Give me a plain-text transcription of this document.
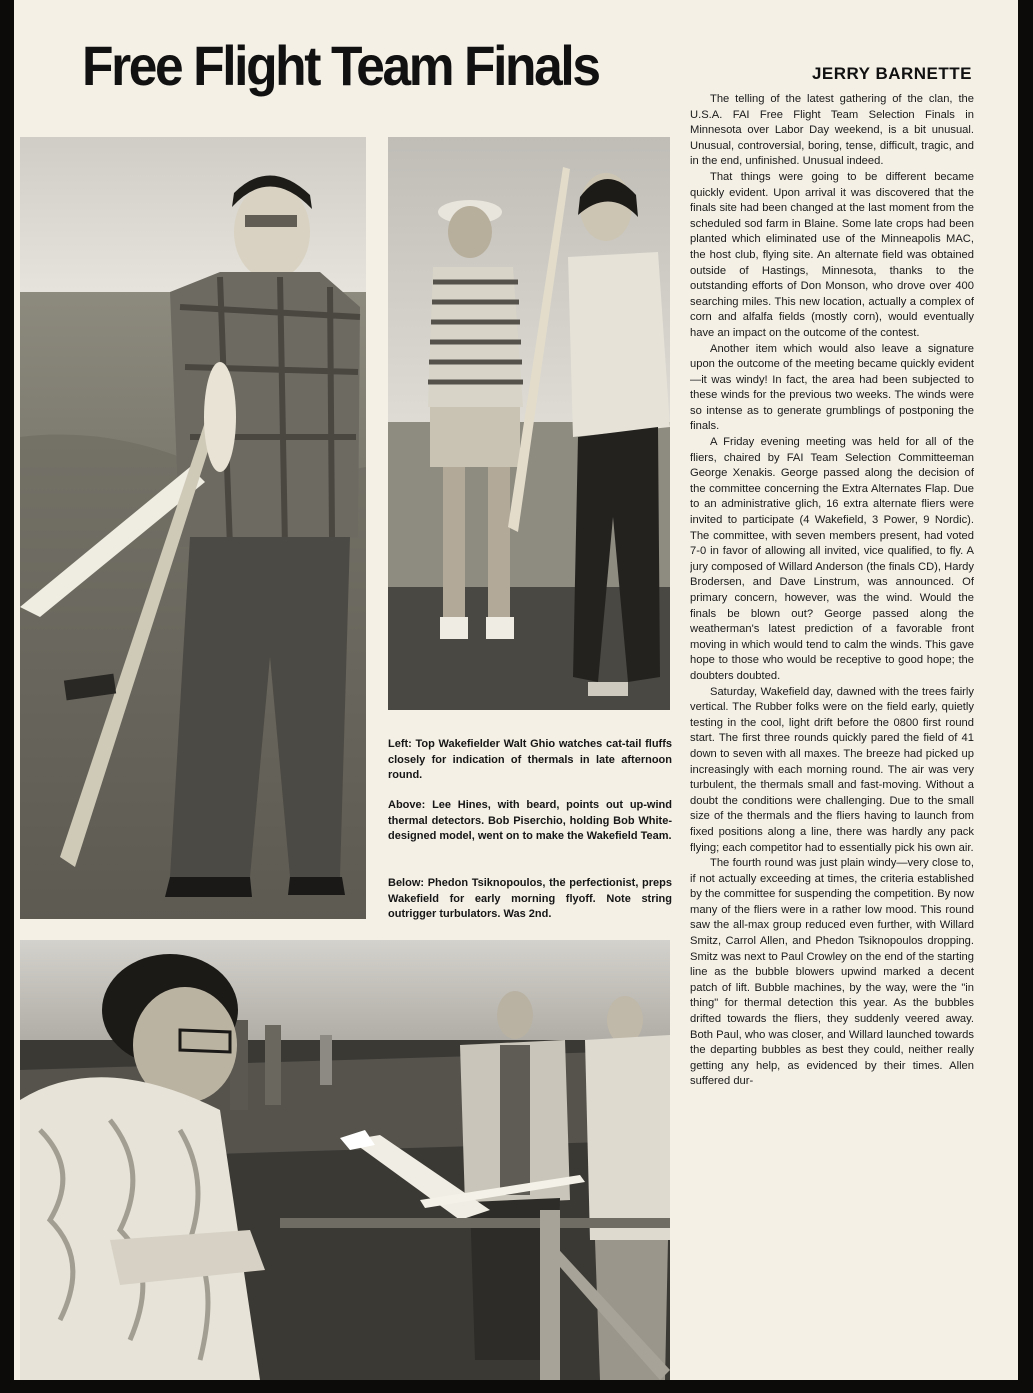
Free Flight Team Finals	JERRY BARNETTE
Left: Top Wakefielder Walt Ghio watches cat-tail fluffs closely for indication of thermals in late afternoon round.
Above: Lee Hines, with beard, points out up-wind thermal detectors. Bob Piserchio, holding Bob White-designed model, went on to make the Wakefield Team.
Below: Phedon Tsiknopoulos, the perfectionist, preps Wakefield for early morning flyoff. Note string outrigger turbulators. Was 2nd.

The telling of the latest gathering of the clan, the U.S.A. FAI Free Flight Team Selection Finals in Minnesota over Labor Day weekend, is a bit unusual. Unusual, controversial, boring, tense, difficult, tragic, and in the end, unfinished. Unusual indeed.

That things were going to be different became quickly evident. Upon arrival it was discovered that the finals site had been changed at the last moment from the scheduled sod farm in Blaine. Some late crops had been planted which eliminated use of the Minneapolis MAC, the host club, flying site. An alternate field was obtained outside of Hastings, Minnesota, thanks to the outstanding efforts of Don Monson, who drove over 400 searching miles. This new location, actually a complex of corn and alfalfa fields (mostly corn), would eventually have an impact on the outcome of the contest.

Another item which would also leave a signature upon the outcome of the meeting became quickly evident—it was windy! In fact, the area had been subjected to these winds for the previous two weeks. The winds were so intense as to generate grumblings of postponing the finals.

A Friday evening meeting was held for all of the fliers, chaired by FAI Team Selection Committeeman George Xenakis. George passed along the decision of the committee concerning the Extra Alternates Flap. Due to an administrative glich, 16 extra alternate fliers were invited to participate (4 Wakefield, 3 Power, 9 Nordic). The committee, with seven members present, had voted 7-0 in favor of allowing all invited, vice qualified, to fly. A jury composed of Willard Anderson (the finals CD), Hardy Brodersen, and Dave Linstrum, was announced. Of primary concern, however, was the wind. Would the finals be blown out? George passed along the weatherman's latest prediction of a favorable front moving in which would tend to calm the winds. This gave hope to those who would be receptive to good hope; the doubters doubted.

Saturday, Wakefield day, dawned with the trees fairly vertical. The Rubber folks were on the field early, quietly testing in the cool, light drift before the 0800 first round start. The first three rounds quickly pared the field of 41 down to seven with all maxes. The breeze had picked up increasingly with each morning round. The air was very turbulent, the thermals small and fast-moving. Without a doubt the conditions were challenging. Due to the small size of the thermals and the fliers having to launch from fixed positions along a line, there was hardly any pack flying; each competitor had to essentially pick his own air.

The fourth round was just plain windy—very close to, if not actually exceeding at times, the criteria established by the committee for suspending the competition. By now many of the fliers were in a rather low mood. This round saw the all-max group reduced even further, with Willard Smitz, Carrol Allen, and Phedon Tsiknopoulos dropping. Smitz was next to Paul Crowley on the end of the starting line as the bubble blowers upwind marked a decent patch of lift. Bubble machines, by the way, were the "in thing" for thermal detection this year. As the bubbles drifted towards the fliers, they suddenly veered away. Both Paul, who was closer, and Willard launched towards the departing bubbles as best they could, neither really getting any help, as evidenced by their times. Allen suffered dur-
